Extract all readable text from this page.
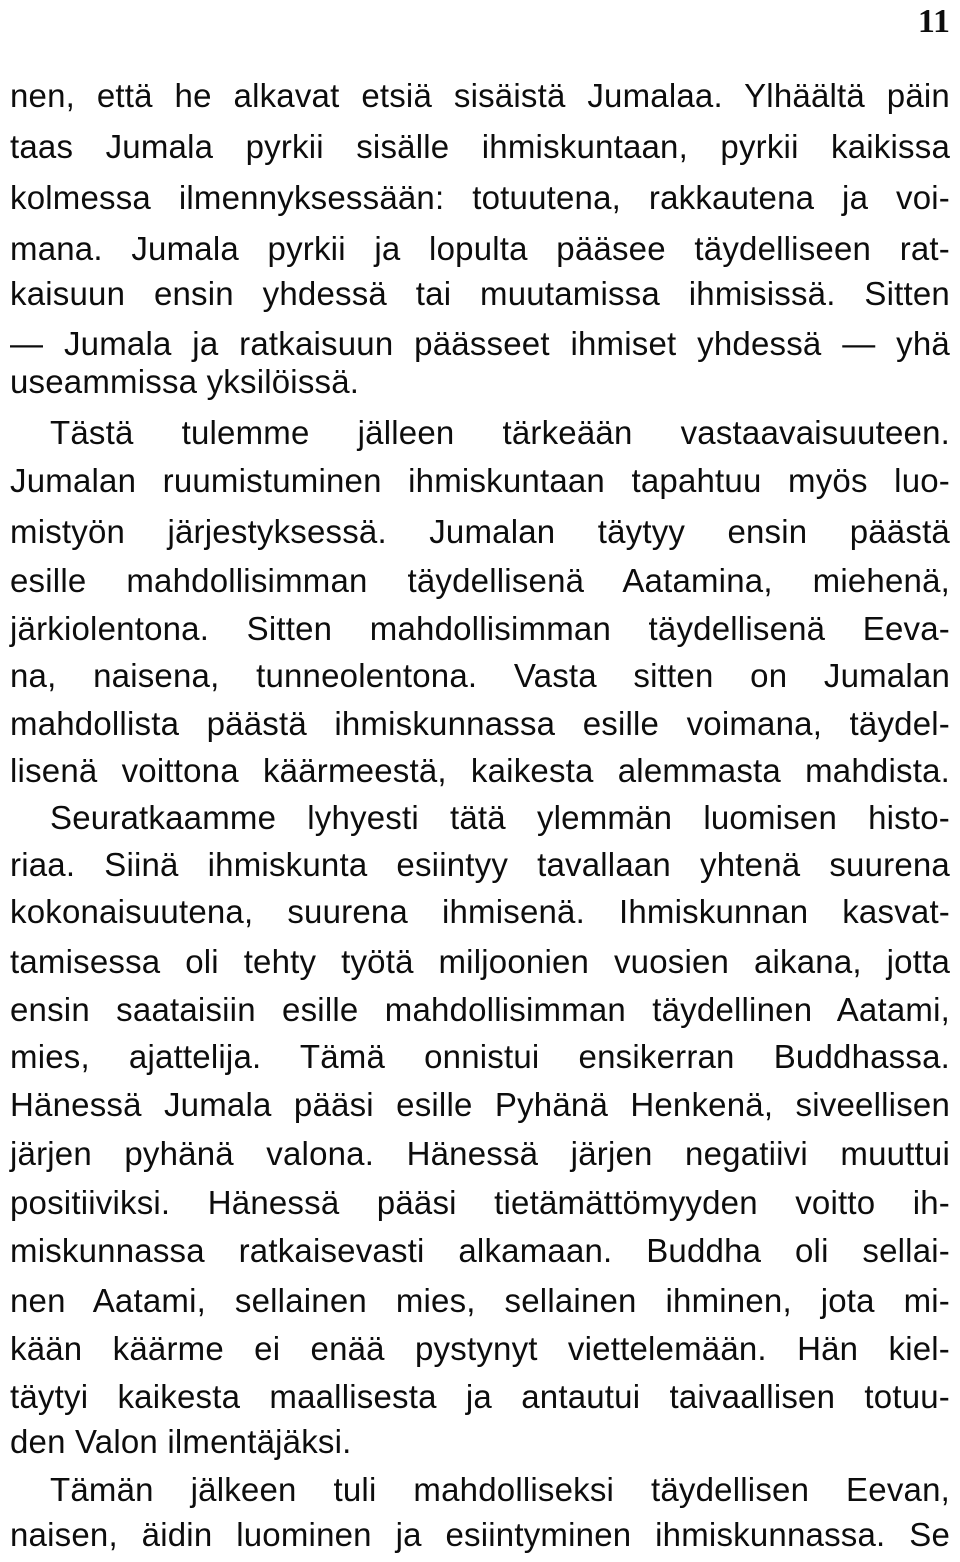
11
nen, että he alkavat etsiä sisäistä Jumalaa. Ylhäältä päin
taas Jumala pyrkii sisälle ihmiskuntaan, pyrkii kaikissa
kolmessa ilmennyksessään: totuutena, rakkautena ja voi-
mana. Jumala pyrkii ja lopulta pääsee täydelliseen rat-
kaisuun ensin yhdessä tai muutamissa ihmisissä. Sitten
— Jumala ja ratkaisuun päässeet ihmiset yhdessä — yhä
useammissa yksilöissä.
Tästä tulemme jälleen tärkeään vastaavaisuuteen.
Jumalan ruumistuminen ihmiskuntaan tapahtuu myös luo-
mistyön järjestyksessä. Jumalan täytyy ensin päästä
esille mahdollisimman täydellisenä Aatamina, miehenä,
järkiolentona. Sitten mahdollisimman täydellisenä Eeva-
na, naisena, tunneolentona. Vasta sitten on Jumalan
mahdollista päästä ihmiskunnassa esille voimana, täydel-
lisenä voittona käärmeestä, kaikesta alemmasta mahdista.
Seuratkaamme lyhyesti tätä ylemmän luomisen histo-
riaa. Siinä ihmiskunta esiintyy tavallaan yhtenä suurena
kokonaisuutena, suurena ihmisenä. Ihmiskunnan kasvat-
tamisessa oli tehty työtä miljoonien vuosien aikana, jotta
ensin saataisiin esille mahdollisimman täydellinen Aatami,
mies, ajattelija. Tämä onnistui ensikerran Buddhassa.
Hänessä Jumala pääsi esille Pyhänä Henkenä, siveellisen
järjen pyhänä valona. Hänessä järjen negatiivi muuttui
positiiviksi. Hänessä pääsi tietämättömyyden voitto ih-
miskunnassa ratkaisevasti alkamaan. Buddha oli sellai-
nen Aatami, sellainen mies, sellainen ihminen, jota mi-
kään käärme ei enää pystynyt viettelemään. Hän kiel-
täytyi kaikesta maallisesta ja antautui taivaallisen totuu-
den Valon ilmentäjäksi.
Tämän jälkeen tuli mahdolliseksi täydellisen Eevan,
naisen, äidin luominen ja esiintyminen ihmiskunnassa. Se
